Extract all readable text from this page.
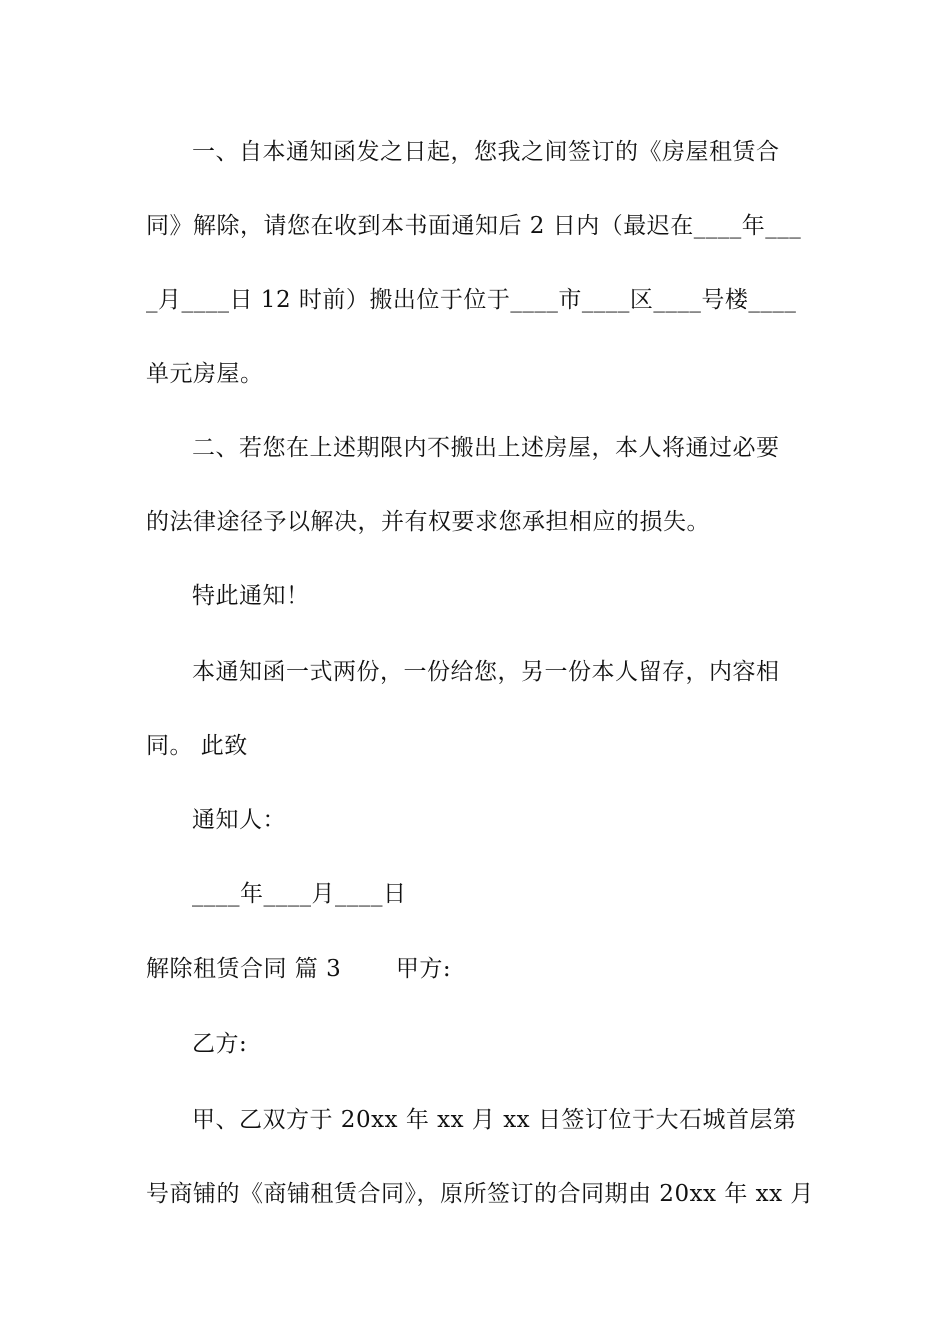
一、自本通知函发之日起，您我之间签订的《房屋租赁合
同》解除，请您在收到本书面通知后 2 日内（最迟在____年___
_月____日 12 时前）搬出位于位于____市____区____号楼____
单元房屋。
二、若您在上述期限内不搬出上述房屋，本人将通过必要
的法律途径予以解决，并有权要求您承担相应的损失。
特此通知！
本通知函一式两份，一份给您，另一份本人留存，内容相
同。 此致
通知人：
____年____月____日
解除租赁合同 篇 3       甲方:
乙方:
甲、乙双方于 20xx 年 xx 月 xx 日签订位于大石城首层第
号商铺的《商铺租赁合同》，原所签订的合同期由 20xx 年 xx 月
